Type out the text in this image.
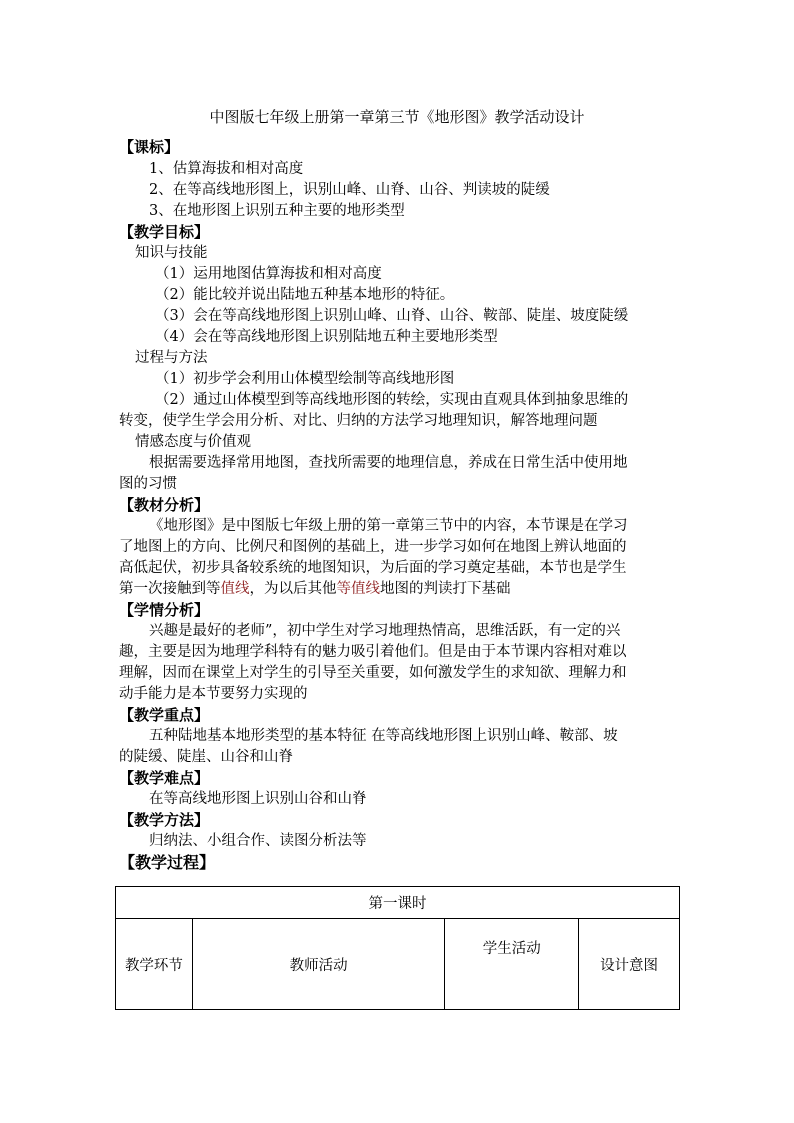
中图版七年级上册第一章第三节《地形图》教学活动设计
【课标】
1、估算海拔和相对高度
2、在等高线地形图上，识别山峰、山脊、山谷、判读坡的陡缓
3、在地形图上识别五种主要的地形类型
【教学目标】
知识与技能
（1）运用地图估算海拔和相对高度
（2）能比较并说出陆地五种基本地形的特征。
（3）会在等高线地形图上识别山峰、山脊、山谷、鞍部、陡崖、坡度陡缓
（4）会在等高线地形图上识别陆地五种主要地形类型
过程与方法
（1）初步学会利用山体模型绘制等高线地形图
（2）通过山体模型到等高线地形图的转绘，实现由直观具体到抽象思维的
转变，使学生学会用分析、对比、归纳的方法学习地理知识，解答地理问题
情感态度与价值观
根据需要选择常用地图，查找所需要的地理信息，养成在日常生活中使用地
图的习惯
【教材分析】
《地形图》是中图版七年级上册的第一章第三节中的内容，本节课是在学习
了地图上的方向、比例尺和图例的基础上，进一步学习如何在地图上辨认地面的
高低起伏，初步具备较系统的地图知识，为后面的学习奠定基础，本节也是学生
第一次接触到等值线，为以后其他等值线地图的判读打下基础
【学情分析】
兴趣是最好的老师”，初中学生对学习地理热情高，思维活跃，有一定的兴
趣，主要是因为地理学科特有的魅力吸引着他们。但是由于本节课内容相对难以
理解，因而在课堂上对学生的引导至关重要，如何激发学生的求知欲、理解力和
动手能力是本节要努力实现的
【教学重点】
五种陆地基本地形类型的基本特征 在等高线地形图上识别山峰、鞍部、坡
的陡缓、陡崖、山谷和山脊
【教学难点】
在等高线地形图上识别山谷和山脊
【教学方法】
归纳法、小组合作、读图分析法等
【教学过程】
第一课时
教学环节	教师活动	学生活动	设计意图
